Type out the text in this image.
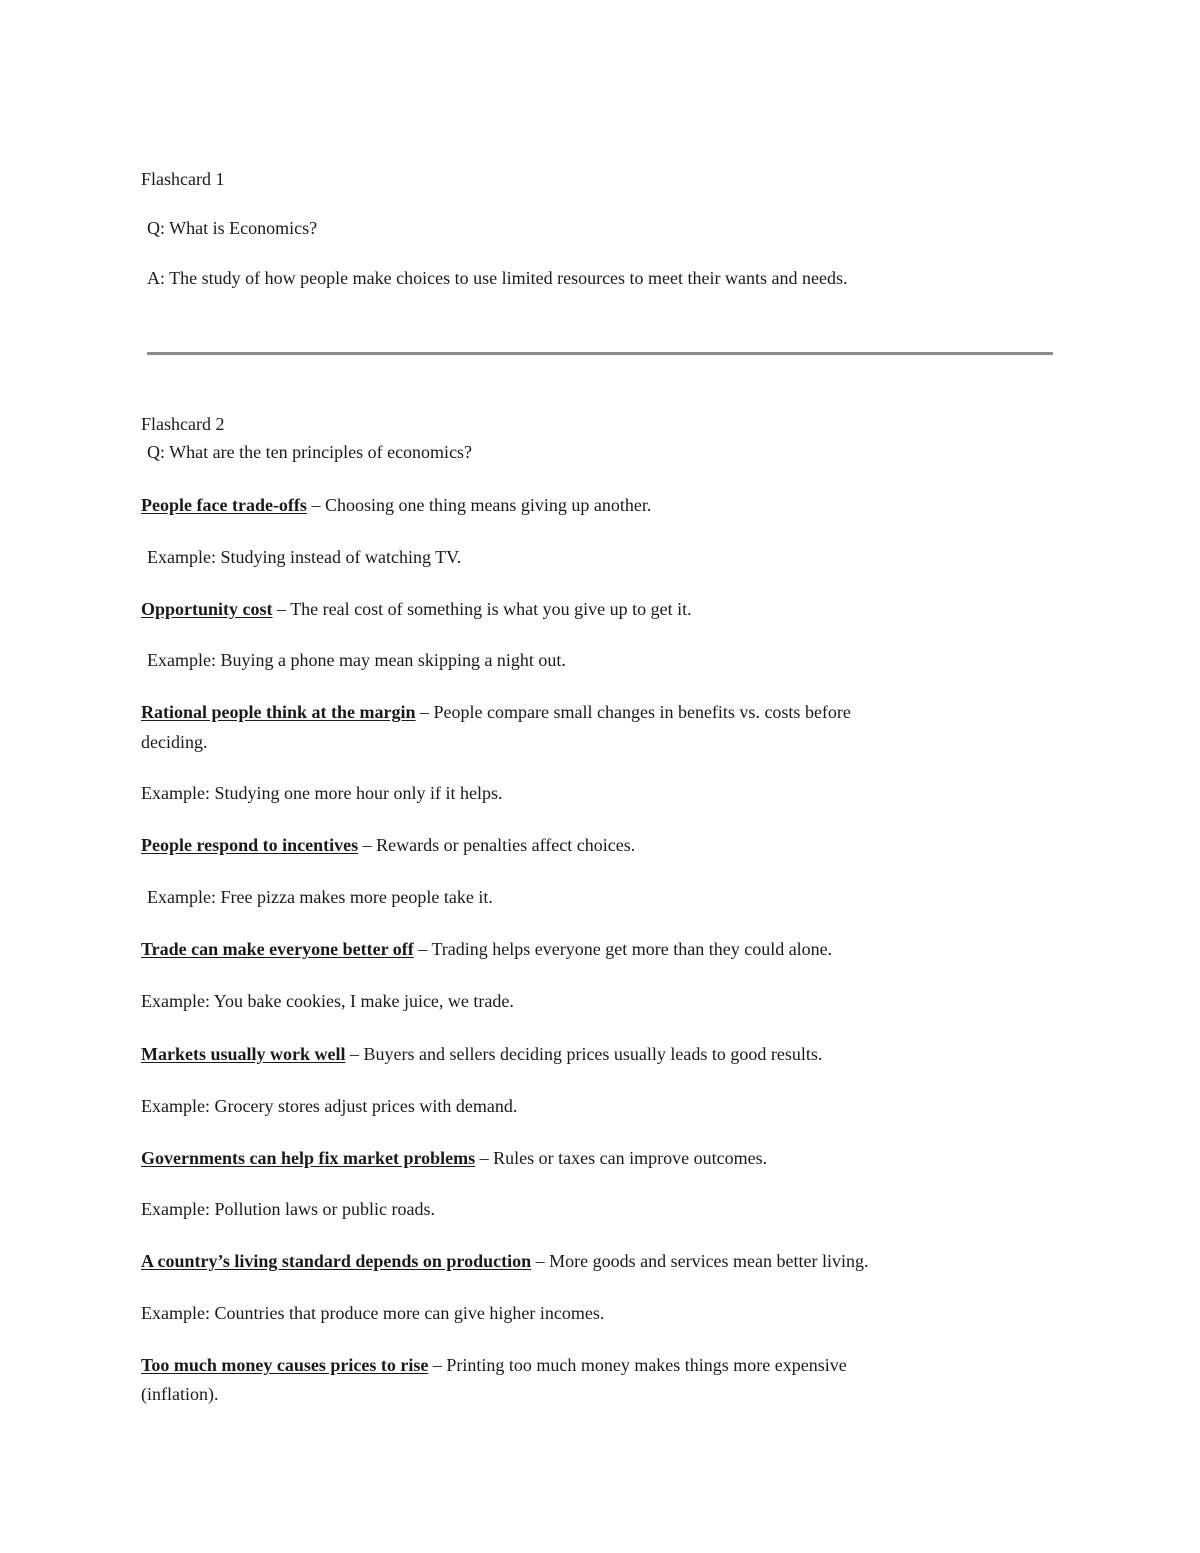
Flashcard 1
Q: What is Economics?
A: The study of how people make choices to use limited resources to meet their wants and needs.
Flashcard 2
Q: What are the ten principles of economics?
People face trade-offs – Choosing one thing means giving up another.
Example: Studying instead of watching TV.
Opportunity cost – The real cost of something is what you give up to get it.
Example: Buying a phone may mean skipping a night out.
Rational people think at the margin – People compare small changes in benefits vs. costs before
deciding.
Example: Studying one more hour only if it helps.
People respond to incentives – Rewards or penalties affect choices.
Example: Free pizza makes more people take it.
Trade can make everyone better off – Trading helps everyone get more than they could alone.
Example: You bake cookies, I make juice, we trade.
Markets usually work well – Buyers and sellers deciding prices usually leads to good results.
Example: Grocery stores adjust prices with demand.
Governments can help fix market problems – Rules or taxes can improve outcomes.
Example: Pollution laws or public roads.
A country’s living standard depends on production – More goods and services mean better living.
Example: Countries that produce more can give higher incomes.
Too much money causes prices to rise – Printing too much money makes things more expensive
(inflation).
